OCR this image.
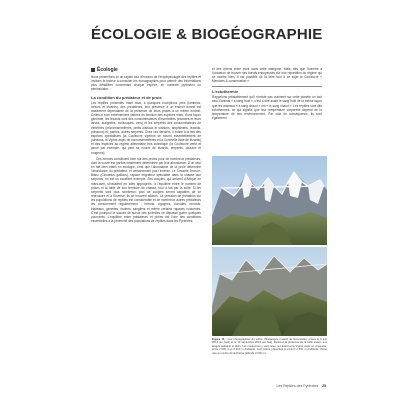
ÉCOLOGIE & BIOGÉOGRAPHIE
Écologie

Nous présentons ici un rapide tour d'horizon de l'écophysiologie des reptiles et invitons le lecteur à consulter les monographies pour obtenir des informations plus détaillées concernant chaque espèce, en contexte pyrénéen ou péninsulaire.

La condition du prédateur et de proie

Les reptiles présentés étant tous, à quelques exceptions près (lombrics, tortues et lézards), des prédateurs, leur présence à un endroit donné est totalement dépendante de la présence de leurs proies à ce même endroit. Celles-ci sont extrêmement variées en fonction des espèces mais, d'une façon générale, les lézards sont des consommateurs d'invertébrés (insectes et leurs larves, araignées, mollusques, vers) et les serpents des consommateurs de vertébrés (micromammifères, petits oiseaux et oisillons, amphibiens, lézards, poissons) et, parfois, autres serpents. Chez ces derniers, il existe à la fois des espèces spécialistes (la Couleuvre vipérine se nourrit essentiellement de poissons, la Vipère aspic de micromammifères et la Coronelle lisse de lézards) et des espèces au régime alimentaire très éclectique (la Couleuvre verte et jaune par exemple, qui peut se nourrir de lézards, serpents, oiseaux et rongeurs).

Ces mêmes constituent bien sûr des proies pour de nombreux prédateurs, dont la survie est parfois totalement déterminée par leur abondance. D'un seul en fait bien établi en écologie, c'est que l'abondance de la proie détermine l'abondance du prédateur, et certainement pas l'inverse. Le Circaète Jean-le-Blanc (Circaetus gallicus), rapace migrateur spécialisé dans la chasse aux serpents, en est un excellent exemple. Ses couples, qui arrivent d'Afrique en mars-avril, s'installent en sites appropriés, à l'équilibre entre le nombre de proies et la taille de son territoire de chasse, tout à fait par la suite. Si les serpents sont plus nombreux, plus de couples seront capables de se reproduire et à l'inverse, ils se trouvent ailleurs. La pression de prédation sur les populations de reptiles est considérable et de nombreux autres prédateurs les consomment régulièrement : hérons, cigognes, corvidés, renards, blaireaux, genettes, fouines, sangliers et même certains rapaces nocturnes. C'est pourquoi le succès de survie des juvéniles ne dépasse guère quelques pourcents. L'équilibre entre prédateurs et proies est l'une des conditions essentielles à la pérennité des populations de reptiles dans les Pyrénées.

et des chiens entre avoir dans cette catégorie. Mais, dès que l'homme à l'occasion de trouver des bœufs ennuyeuses sur leur répartition du régime qui se montre bien, il est possible de la faire tout à ce sujet la Couleuvre « Menaces & conservation ».

L'ectothermie

Rappelons préalablement qu'il n'existe pas vraiment sur cette planète un tout seul d'animal « à sang froid », c'est à dire avant le sang froid de la même façon que les animaux « à sang chaud » ont « le sang chaud ». Les reptiles sont dits ectothermes, ce qui signifie que leur température corporelle dépend de la température de leur environnement. Par voie de conséquence, ils sont également

Figure 19 : Ces photographies du vallon d'Estaragne (massif du Néouvielle), prises le 9 juin 2014 (en haut) et le 19 septembre 2015 (en bas), illustrent la présence de la belle saison aux étages subalpin et alpin. Les couleuvres y sont rares, le Lézard et la Vipère aspic en revanche, entre 2 000 m et 2 400 m d'altitude, sont même présentes à environ 2 500 m d'altitude, chose rare au centre de la chaîne (altitude 2 000 m).
Les Reptiles des Pyrénées 25
